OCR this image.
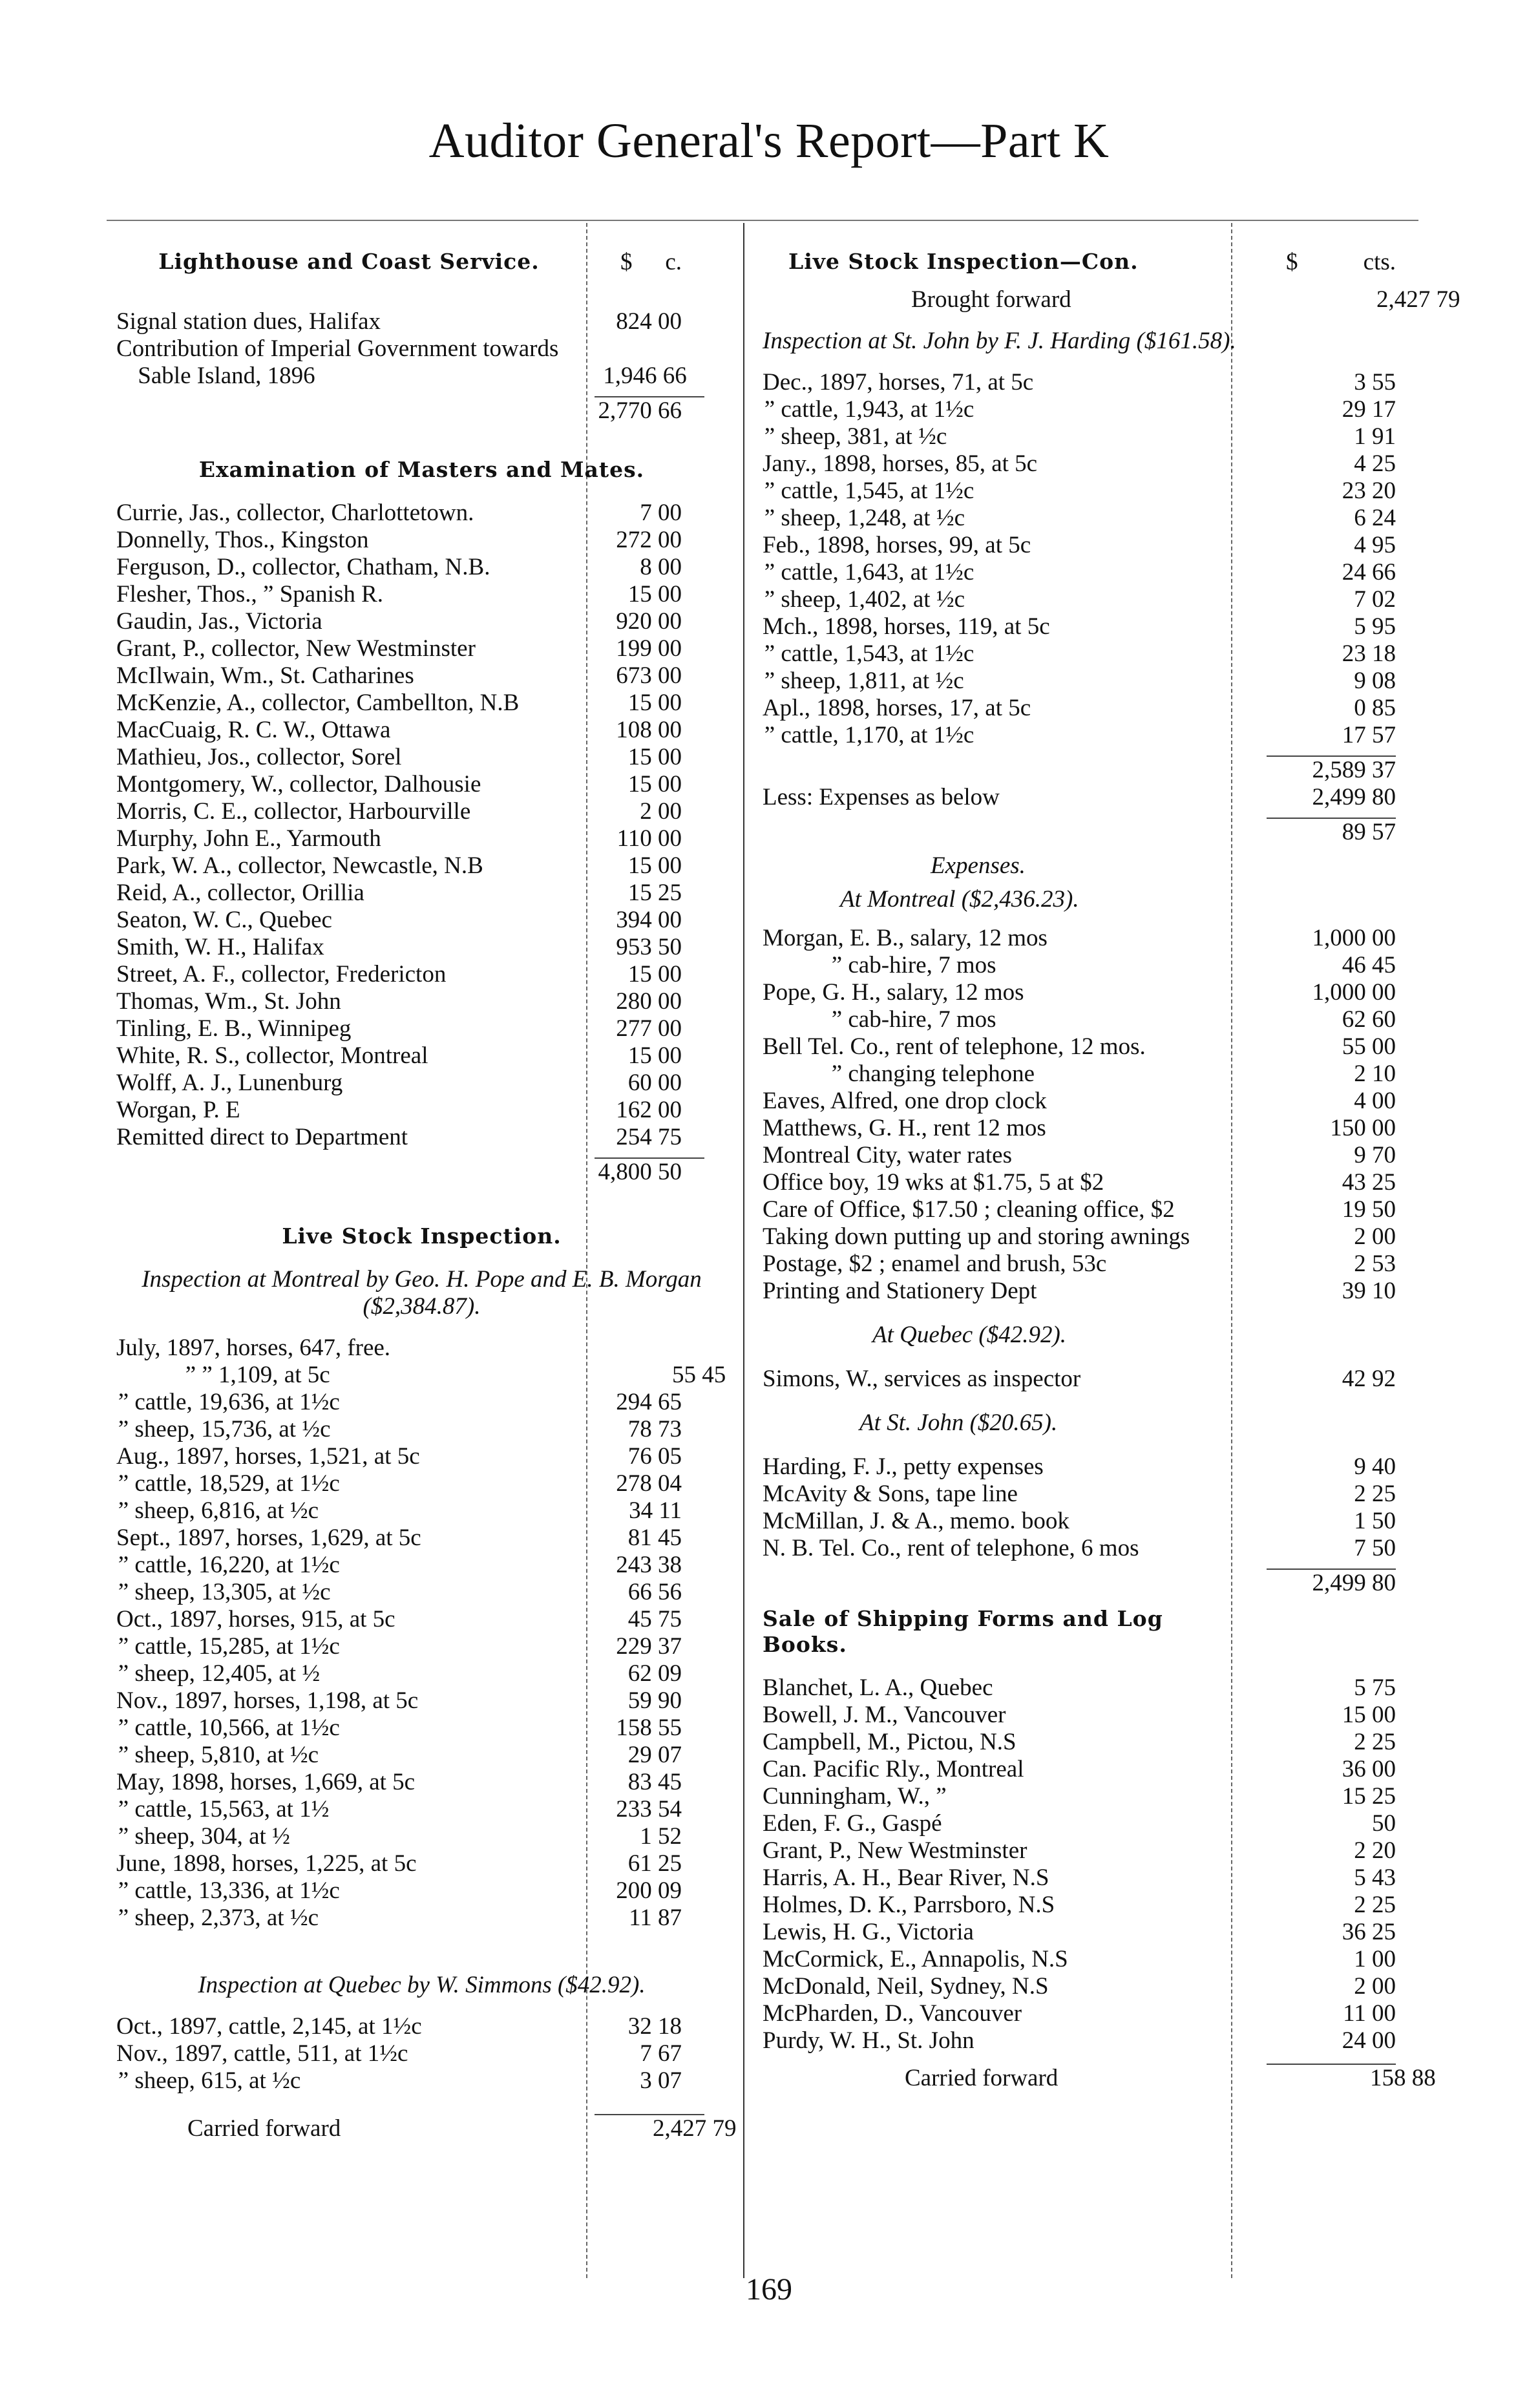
Auditor General's Report—Part K
Lighthouse and Coast Service.	$ c.
Signal station dues, Halifax	824 00
Contribution of Imperial Government towards Sable Island, 1896	1,946 66
2,770 66
Examination of Masters and Mates.
Currie, Jas., collector, Charlottetown.	7 00
Donnelly, Thos., Kingston	272 00
Ferguson, D., collector, Chatham, N.B.	8 00
Flesher, Thos., ” Spanish R.	15 00
Gaudin, Jas., Victoria	920 00
Grant, P., collector, New Westminster	199 00
McIlwain, Wm., St. Catharines	673 00
McKenzie, A., collector, Cambellton, N.B	15 00
MacCuaig, R. C. W., Ottawa	108 00
Mathieu, Jos., collector, Sorel	15 00
Montgomery, W., collector, Dalhousie	15 00
Morris, C. E., collector, Harbourville	2 00
Murphy, John E., Yarmouth	110 00
Park, W. A., collector, Newcastle, N.B	15 00
Reid, A., collector, Orillia	15 25
Seaton, W. C., Quebec	394 00
Smith, W. H., Halifax	953 50
Street, A. F., collector, Fredericton	15 00
Thomas, Wm., St. John	280 00
Tinling, E. B., Winnipeg	277 00
White, R. S., collector, Montreal	15 00
Wolff, A. J., Lunenburg	60 00
Worgan, P. E	162 00
Remitted direct to Department	254 75
4,800 50
Live Stock Inspection.
Inspection at Montreal by Geo. H. Pope and E. B. Morgan ($2,384.87).
July, 1897, horses, 647, free.
” ” 1,109, at 5c	55 45
” cattle, 19,636, at 1½c	294 65
” sheep, 15,736, at ½c	78 73
Aug., 1897, horses, 1,521, at 5c	76 05
” cattle, 18,529, at 1½c	278 04
” sheep, 6,816, at ½c	34 11
Sept., 1897, horses, 1,629, at 5c	81 45
” cattle, 16,220, at 1½c	243 38
” sheep, 13,305, at ½c	66 56
Oct., 1897, horses, 915, at 5c	45 75
” cattle, 15,285, at 1½c	229 37
” sheep, 12,405, at ½	62 09
Nov., 1897, horses, 1,198, at 5c	59 90
” cattle, 10,566, at 1½c	158 55
” sheep, 5,810, at ½c	29 07
May, 1898, horses, 1,669, at 5c	83 45
” cattle, 15,563, at 1½	233 54
” sheep, 304, at ½	1 52
June, 1898, horses, 1,225, at 5c	61 25
” cattle, 13,336, at 1½c	200 09
” sheep, 2,373, at ½c	11 87
Inspection at Quebec by W. Simmons ($42.92).
Oct., 1897, cattle, 2,145, at 1½c	32 18
Nov., 1897, cattle, 511, at 1½c	7 67
” sheep, 615, at ½c	3 07
Carried forward	2,427 79
Live Stock Inspection—Con.	$	cts.
Brought forward	2,427 79
Inspection at St. John by F. J. Harding ($161.58).
Dec., 1897, horses, 71, at 5c	3 55
” cattle, 1,943, at 1½c	29 17
” sheep, 381, at ½c	1 91
Jany., 1898, horses, 85, at 5c	4 25
” cattle, 1,545, at 1½c	23 20
” sheep, 1,248, at ½c	6 24
Feb., 1898, horses, 99, at 5c	4 95
” cattle, 1,643, at 1½c	24 66
” sheep, 1,402, at ½c	7 02
Mch., 1898, horses, 119, at 5c	5 95
” cattle, 1,543, at 1½c	23 18
” sheep, 1,811, at ½c	9 08
Apl., 1898, horses, 17, at 5c	0 85
” cattle, 1,170, at 1½c	17 57
2,589 37
Less: Expenses as below	2,499 80
89 57
Expenses.
At Montreal ($2,436.23).
Morgan, E. B., salary, 12 mos	1,000 00
” cab-hire, 7 mos	46 45
Pope, G. H., salary, 12 mos	1,000 00
” cab-hire, 7 mos	62 60
Bell Tel. Co., rent of telephone, 12 mos.	55 00
” changing telephone	2 10
Eaves, Alfred, one drop clock	4 00
Matthews, G. H., rent 12 mos	150 00
Montreal City, water rates	9 70
Office boy, 19 wks at $1.75, 5 at $2	43 25
Care of Office, $17.50 ; cleaning office, $2	19 50
Taking down putting up and storing awnings	2 00
Postage, $2 ; enamel and brush, 53c	2 53
Printing and Stationery Dept	39 10
At Quebec ($42.92).
Simons, W., services as inspector	42 92
At St. John ($20.65).
Harding, F. J., petty expenses	9 40
McAvity & Sons, tape line	2 25
McMillan, J. & A., memo. book	1 50
N. B. Tel. Co., rent of telephone, 6 mos	7 50
2,499 80
Sale of Shipping Forms and Log Books.
Blanchet, L. A., Quebec	5 75
Bowell, J. M., Vancouver	15 00
Campbell, M., Pictou, N.S	2 25
Can. Pacific Rly., Montreal	36 00
Cunningham, W., ”	15 25
Eden, F. G., Gaspé	50
Grant, P., New Westminster	2 20
Harris, A. H., Bear River, N.S	5 43
Holmes, D. K., Parrsboro, N.S	2 25
Lewis, H. G., Victoria	36 25
McCormick, E., Annapolis, N.S	1 00
McDonald, Neil, Sydney, N.S	2 00
McPharden, D., Vancouver	11 00
Purdy, W. H., St. John	24 00
Carried forward	158 88
169
